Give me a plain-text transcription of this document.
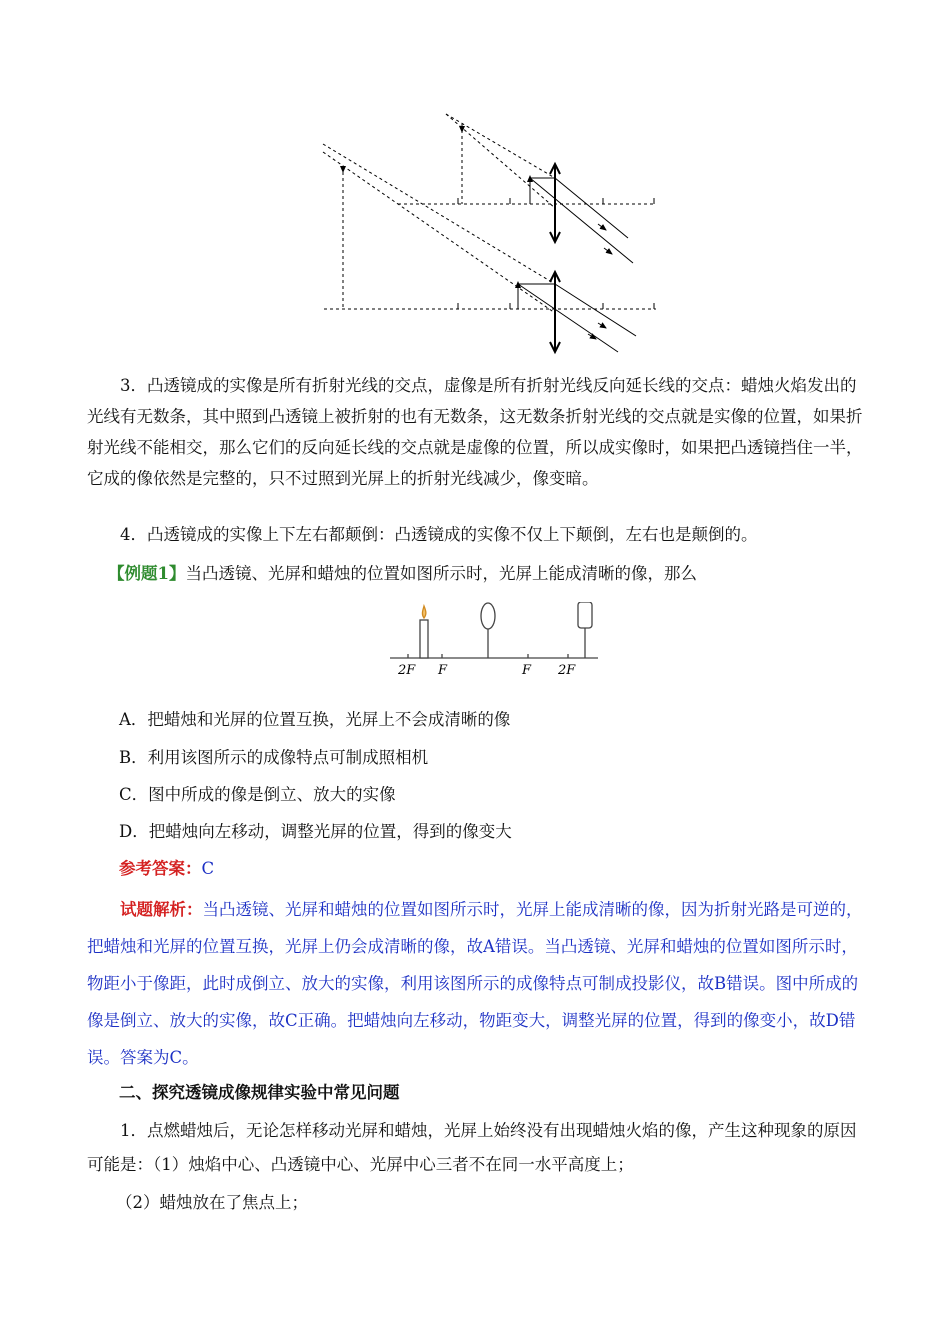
3．凸透镜成的实像是所有折射光线的交点，虚像是所有折射光线反向延长线的交点：蜡烛火焰发出的光线有无数条，其中照到凸透镜上被折射的也有无数条，这无数条折射光线的交点就是实像的位置，如果折射光线不能相交，那么它们的反向延长线的交点就是虚像的位置，所以成实像时，如果把凸透镜挡住一半，它成的像依然是完整的，只不过照到光屏上的折射光线减少，像变暗。

4．凸透镜成的实像上下左右都颠倒：凸透镜成的实像不仅上下颠倒，左右也是颠倒的。

【例题1】当凸透镜、光屏和蜡烛的位置如图所示时，光屏上能成清晰的像，那么
2F F	F 2F
A．把蜡烛和光屏的位置互换，光屏上不会成清晰的像
B．利用该图所示的成像特点可制成照相机
C．图中所成的像是倒立、放大的实像
D．把蜡烛向左移动，调整光屏的位置，得到的像变大
参考答案：C

试题解析：当凸透镜、光屏和蜡烛的位置如图所示时，光屏上能成清晰的像，因为折射光路是可逆的，把蜡烛和光屏的位置互换，光屏上仍会成清晰的像，故A错误。当凸透镜、光屏和蜡烛的位置如图所示时，物距小于像距，此时成倒立、放大的实像，利用该图所示的成像特点可制成投影仪，故B错误。图中所成的像是倒立、放大的实像，故C正确。把蜡烛向左移动，物距变大，调整光屏的位置，得到的像变小，故D错误。答案为C。

二、探究透镜成像规律实验中常见问题

1．点燃蜡烛后，无论怎样移动光屏和蜡烛，光屏上始终没有出现蜡烛火焰的像，产生这种现象的原因可能是：（1）烛焰中心、凸透镜中心、光屏中心三者不在同一水平高度上；

（2）蜡烛放在了焦点上；
